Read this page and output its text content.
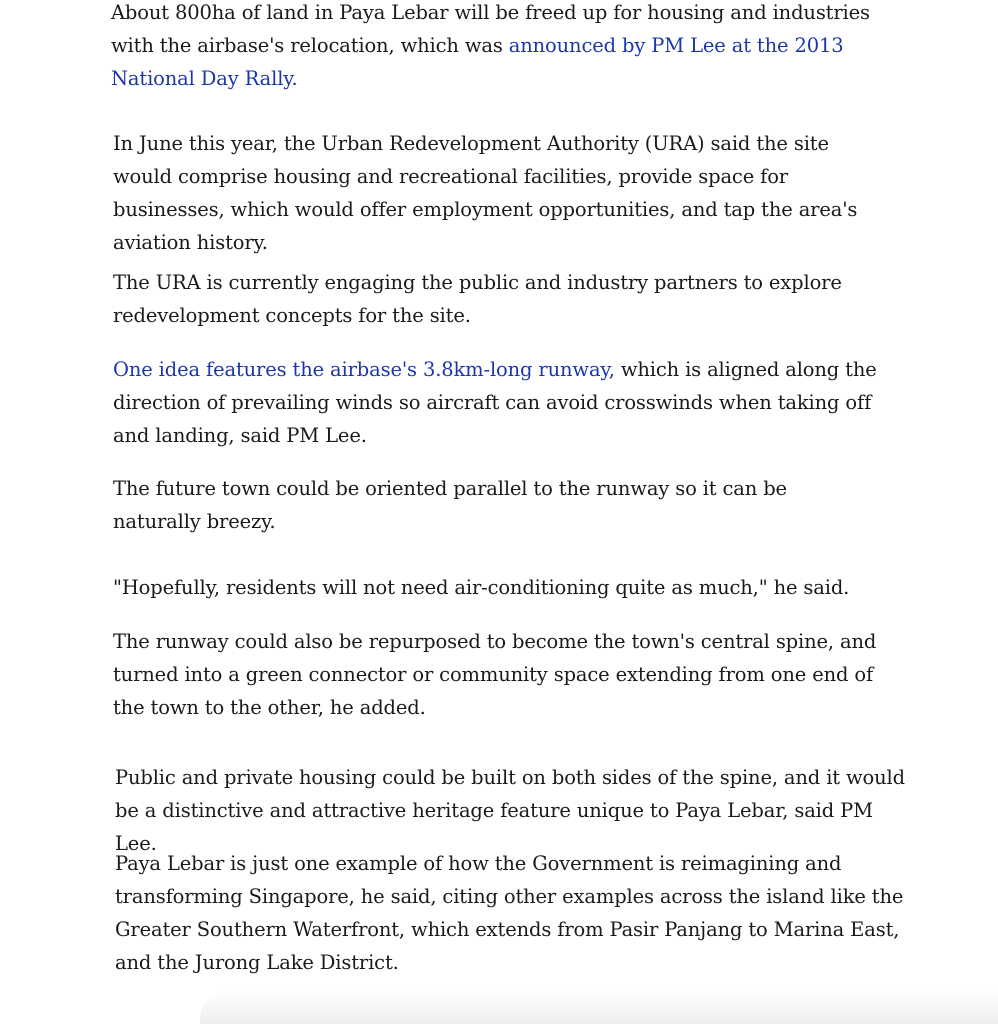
About 800ha of land in Paya Lebar will be freed up for housing and industries with the airbase's relocation, which was announced by PM Lee at the 2013 National Day Rally.

In June this year, the Urban Redevelopment Authority (URA) said the site would comprise housing and recreational facilities, provide space for businesses, which would offer employment opportunities, and tap the area's aviation history.

The URA is currently engaging the public and industry partners to explore redevelopment concepts for the site.

One idea features the airbase's 3.8km-long runway, which is aligned along the direction of prevailing winds so aircraft can avoid crosswinds when taking off and landing, said PM Lee.

The future town could be oriented parallel to the runway so it can be naturally breezy.

"Hopefully, residents will not need air-conditioning quite as much," he said.

The runway could also be repurposed to become the town's central spine, and turned into a green connector or community space extending from one end of the town to the other, he added.

Public and private housing could be built on both sides of the spine, and it would be a distinctive and attractive heritage feature unique to Paya Lebar, said PM Lee.

Paya Lebar is just one example of how the Government is reimagining and transforming Singapore, he said, citing other examples across the island like the Greater Southern Waterfront, which extends from Pasir Panjang to Marina East, and the Jurong Lake District.
